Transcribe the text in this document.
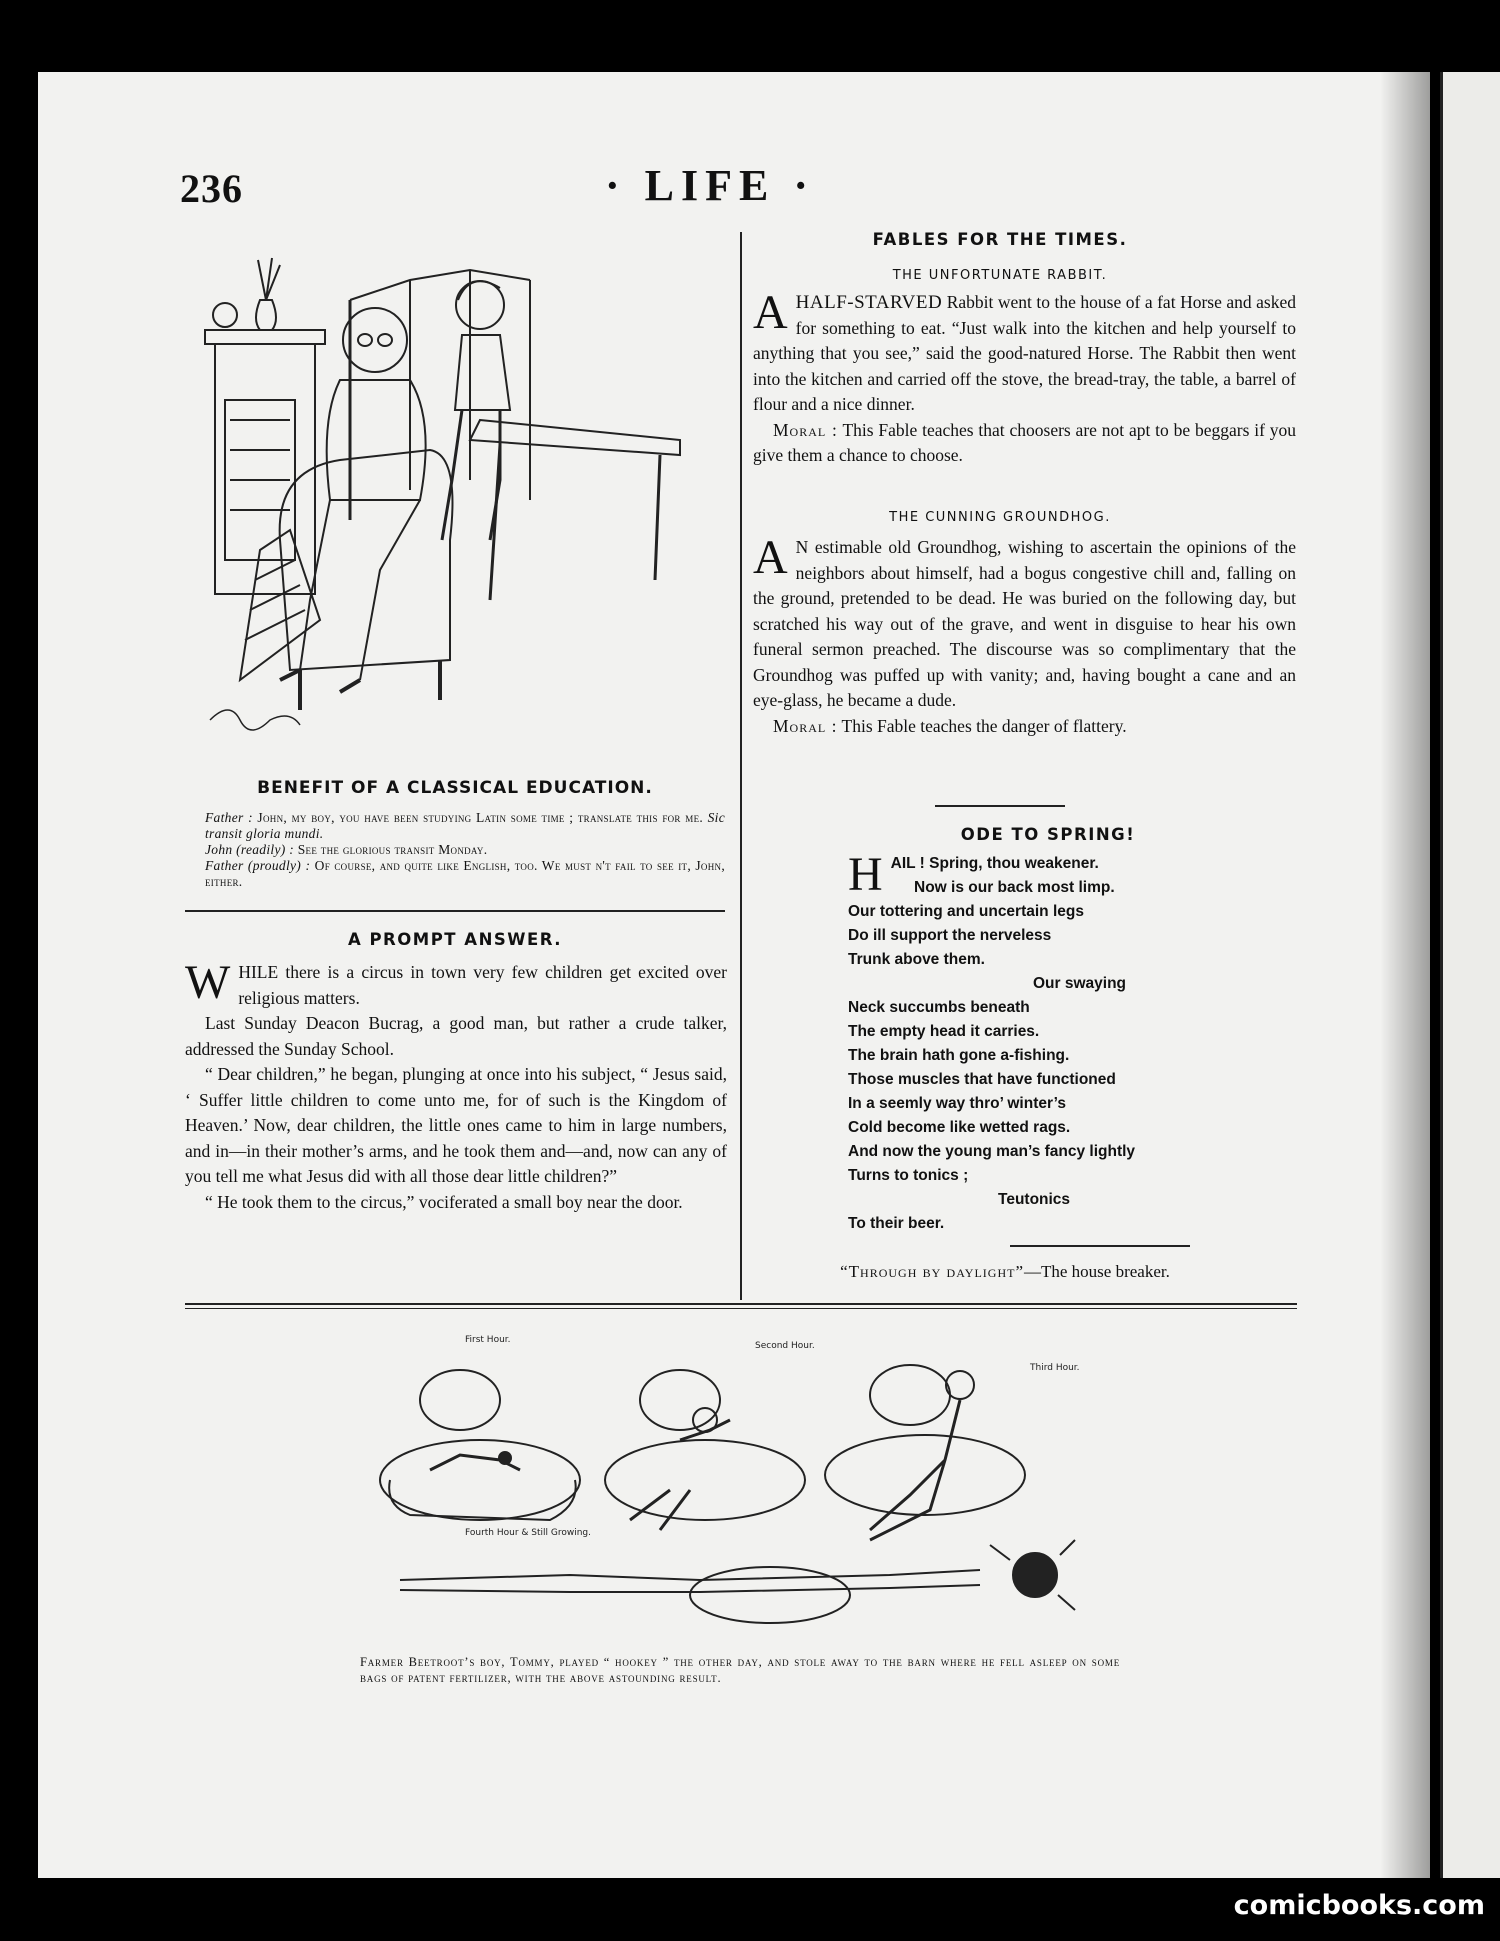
236	· LIFE ·
BENEFIT OF A CLASSICAL EDUCATION.

Father : John, my boy, you have been studying Latin some time ; translate this for me. Sic transit gloria mundi.

John (readily) : See the glorious transit Monday.

Father (proudly) : Of course, and quite like English, too. We must n't fail to see it, John, either.

A PROMPT ANSWER.

WHILE there is a circus in town very few children get excited over religious matters.

Last Sunday Deacon Bucrag, a good man, but rather a crude talker, addressed the Sunday School.

“ Dear children,” he began, plunging at once into his subject, “ Jesus said, ‘ Suffer little children to come unto me, for of such is the Kingdom of Heaven.’ Now, dear children, the little ones came to him in large numbers, and in—in their mother’s arms, and he took them and—and, now can any of you tell me what Jesus did with all those dear little children?”

“ He took them to the circus,” vociferated a small boy near the door.

FABLES FOR THE TIMES.
THE UNFORTUNATE RABBIT.

AHALF-STARVED Rabbit went to the house of a fat Horse and asked for something to eat. “Just walk into the kitchen and help yourself to anything that you see,” said the good-natured Horse. The Rabbit then went into the kitchen and carried off the stove, the bread-tray, the table, a barrel of flour and a nice dinner.

Moral : This Fable teaches that choosers are not apt to be beggars if you give them a chance to choose.

THE CUNNING GROUNDHOG.

A N estimable old Groundhog, wishing to ascertain the opinions of the neighbors about himself, had a bogus congestive chill and, falling on the ground, pretended to be dead. He was buried on the following day, but scratched his way out of the grave, and went in disguise to hear his own funeral sermon preached. The discourse was so complimentary that the Groundhog was puffed up with vanity; and, having bought a cane and an eye-glass, he became a dude.

Moral : This Fable teaches the danger of flattery.

ODE TO SPRING!
HAIL ! Spring, thou weakener.
Now is our back most limp.
Our tottering and uncertain legs
Do ill support the nerveless
Trunk above them.
Our swaying
Neck succumbs beneath
The empty head it carries.
The brain hath gone a-fishing.
Those muscles that have functioned
In a seemly way thro’ winter’s
Cold become like wetted rags.
And now the young man’s fancy lightly
Turns to tonics ;
Teutonics
To their beer.
“Through by daylight”—The house breaker.
First Hour.
Second Hour.
Third Hour.
Fourth Hour & Still Growing.

Farmer Beetroot’s boy, Tommy, played “ hookey ” the other day, and stole away to the barn where he fell asleep on some bags of patent fertilizer, with the above astounding result.

comicbooks.com
